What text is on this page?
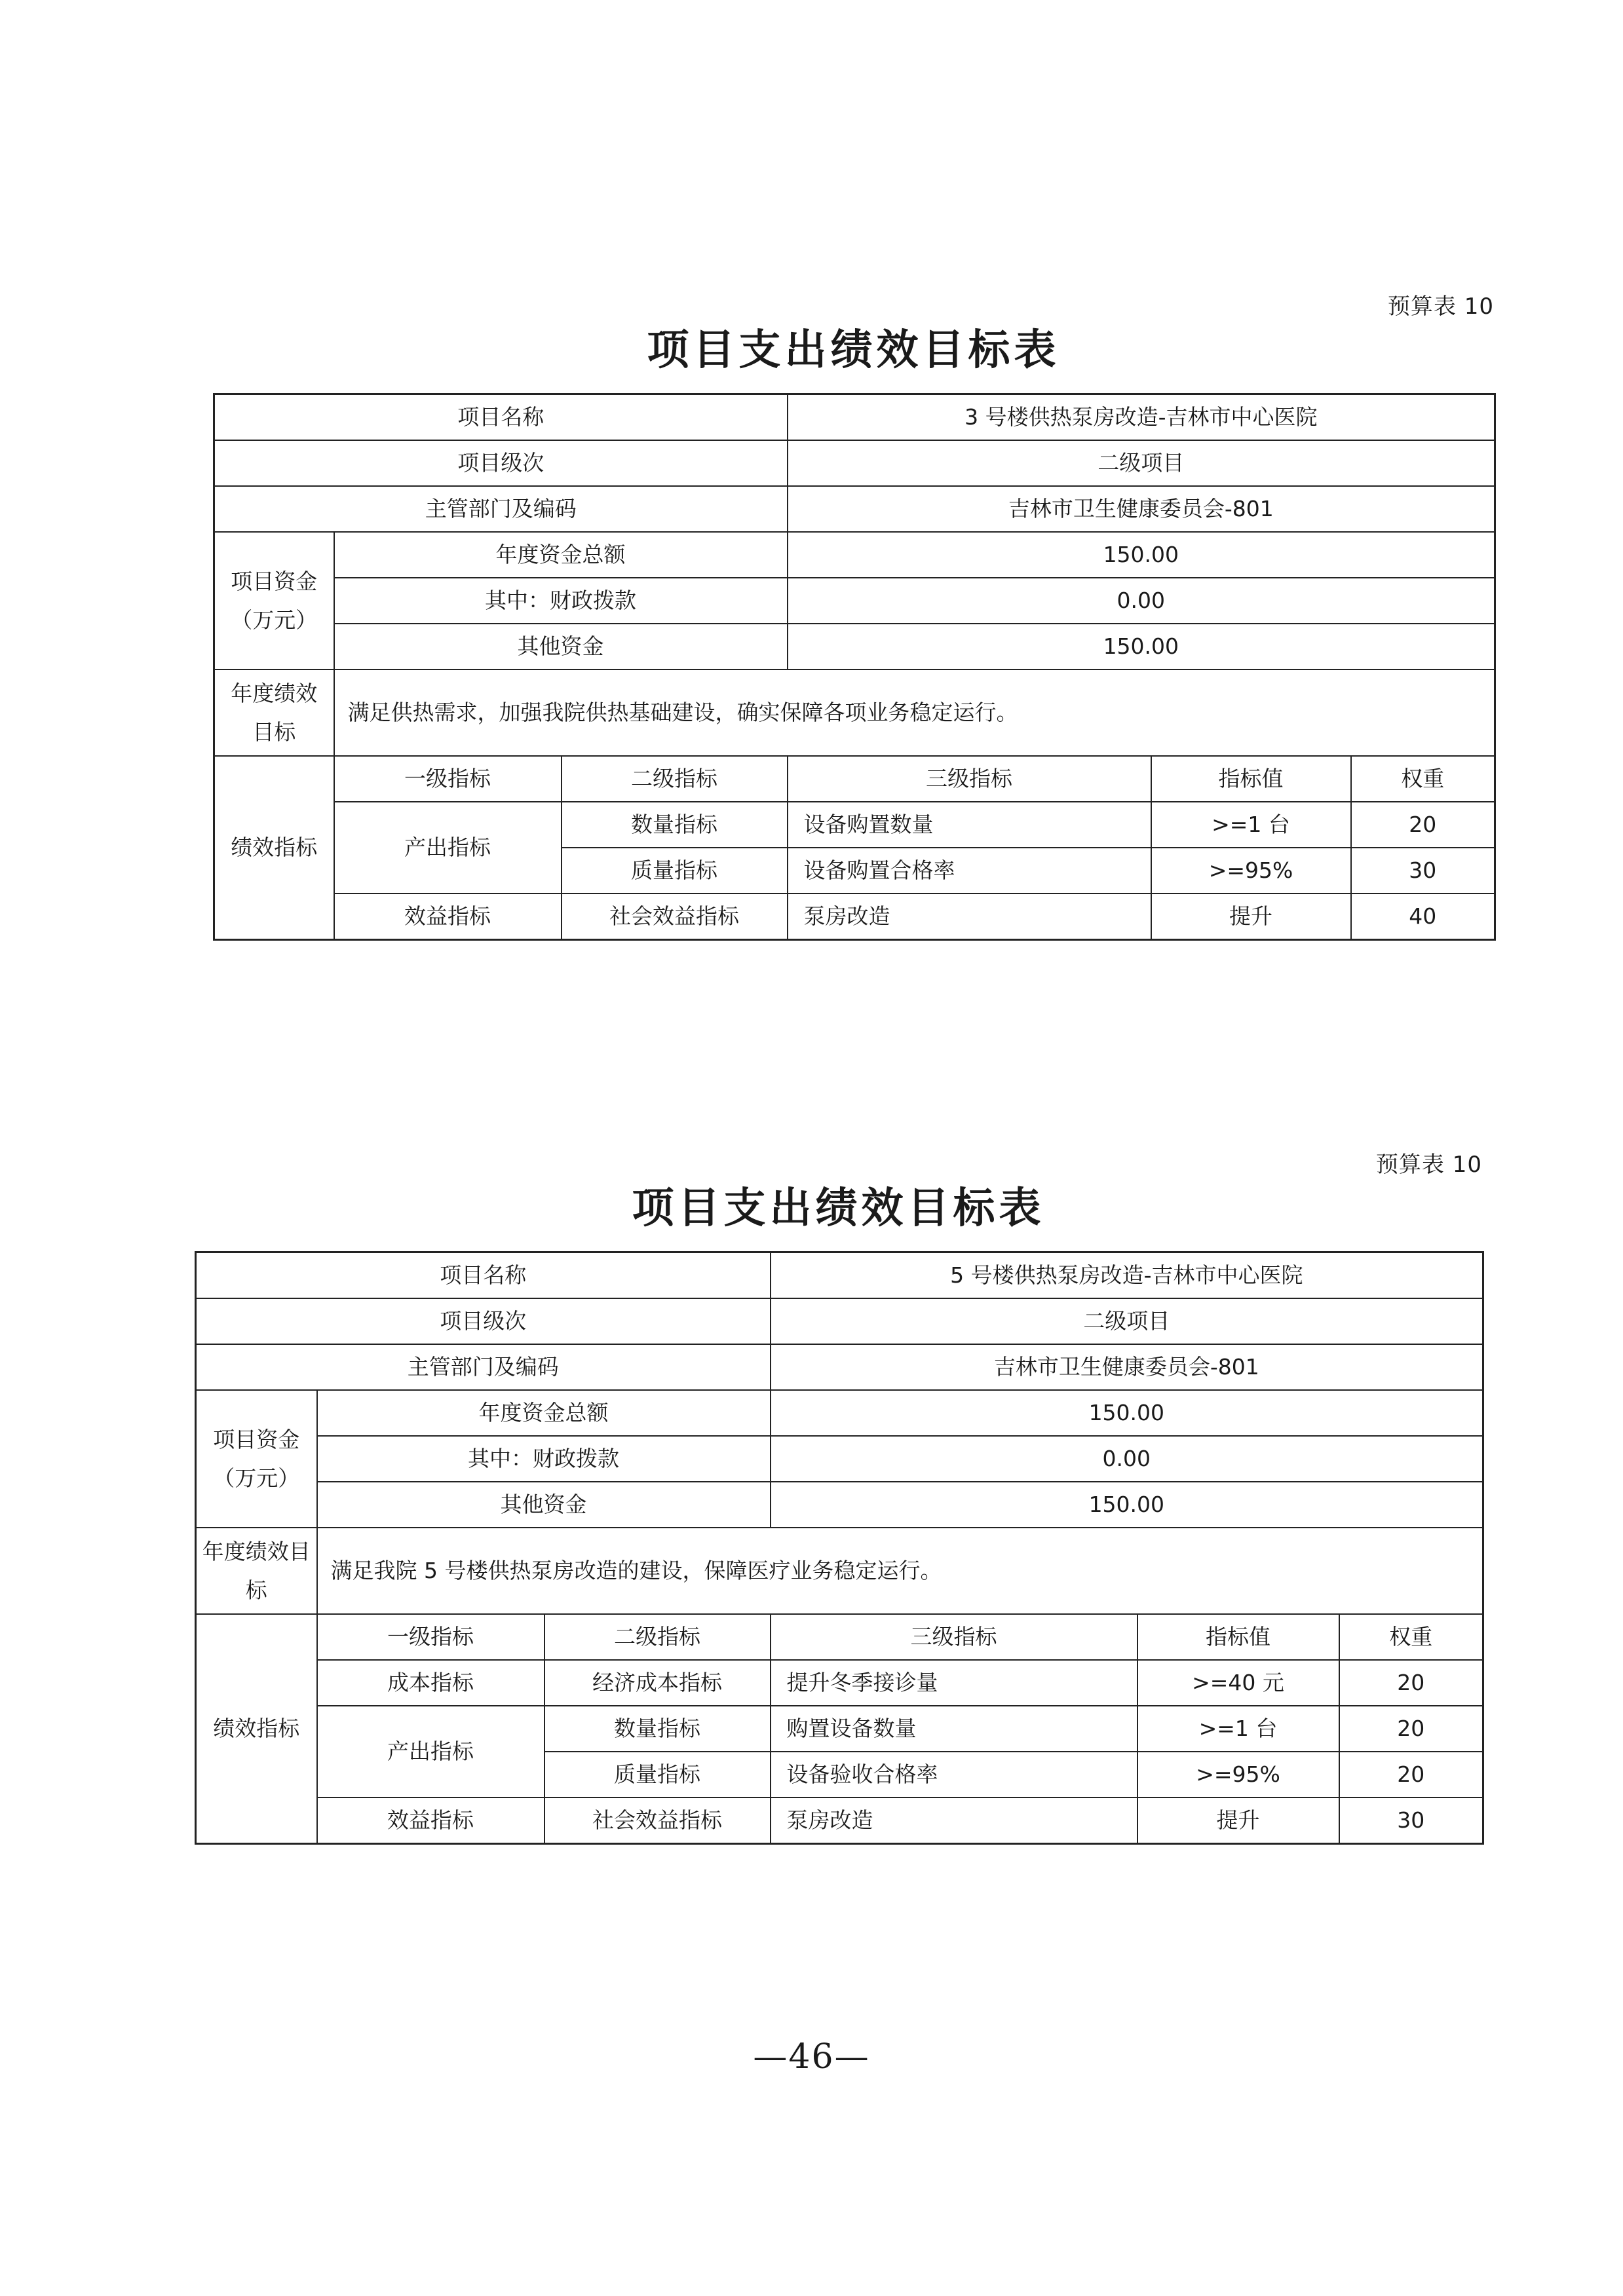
预算表 10
项目支出绩效目标表
项目名称			3 号楼供热泵房改造-吉林市中心医院		
项目级次			二级项目		
主管部门及编码			吉林市卫生健康委员会-801		
项目资金（万元）	年度资金总额		150.00		
	其中：财政拨款		0.00		
	其他资金		150.00		
年度绩效目标	满足供热需求，加强我院供热基础建设，确实保障各项业务稳定运行。				
绩效指标	一级指标	二级指标	三级指标	指标值	权重
	产出指标	数量指标	设备购置数量	>=1 台	20
		质量指标	设备购置合格率	>=95%	30
	效益指标	社会效益指标	泵房改造	提升	40
预算表 10
项目支出绩效目标表
项目名称			5 号楼供热泵房改造-吉林市中心医院		
项目级次			二级项目		
主管部门及编码			吉林市卫生健康委员会-801		
项目资金（万元）	年度资金总额		150.00		
	其中：财政拨款		0.00		
	其他资金		150.00		
年度绩效目标	满足我院 5 号楼供热泵房改造的建设，保障医疗业务稳定运行。				
绩效指标	一级指标	二级指标	三级指标	指标值	权重
	成本指标	经济成本指标	提升冬季接诊量	>=40 元	20
	产出指标	数量指标	购置设备数量	>=1 台	20
		质量指标	设备验收合格率	>=95%	20
	效益指标	社会效益指标	泵房改造	提升	30
—46—
